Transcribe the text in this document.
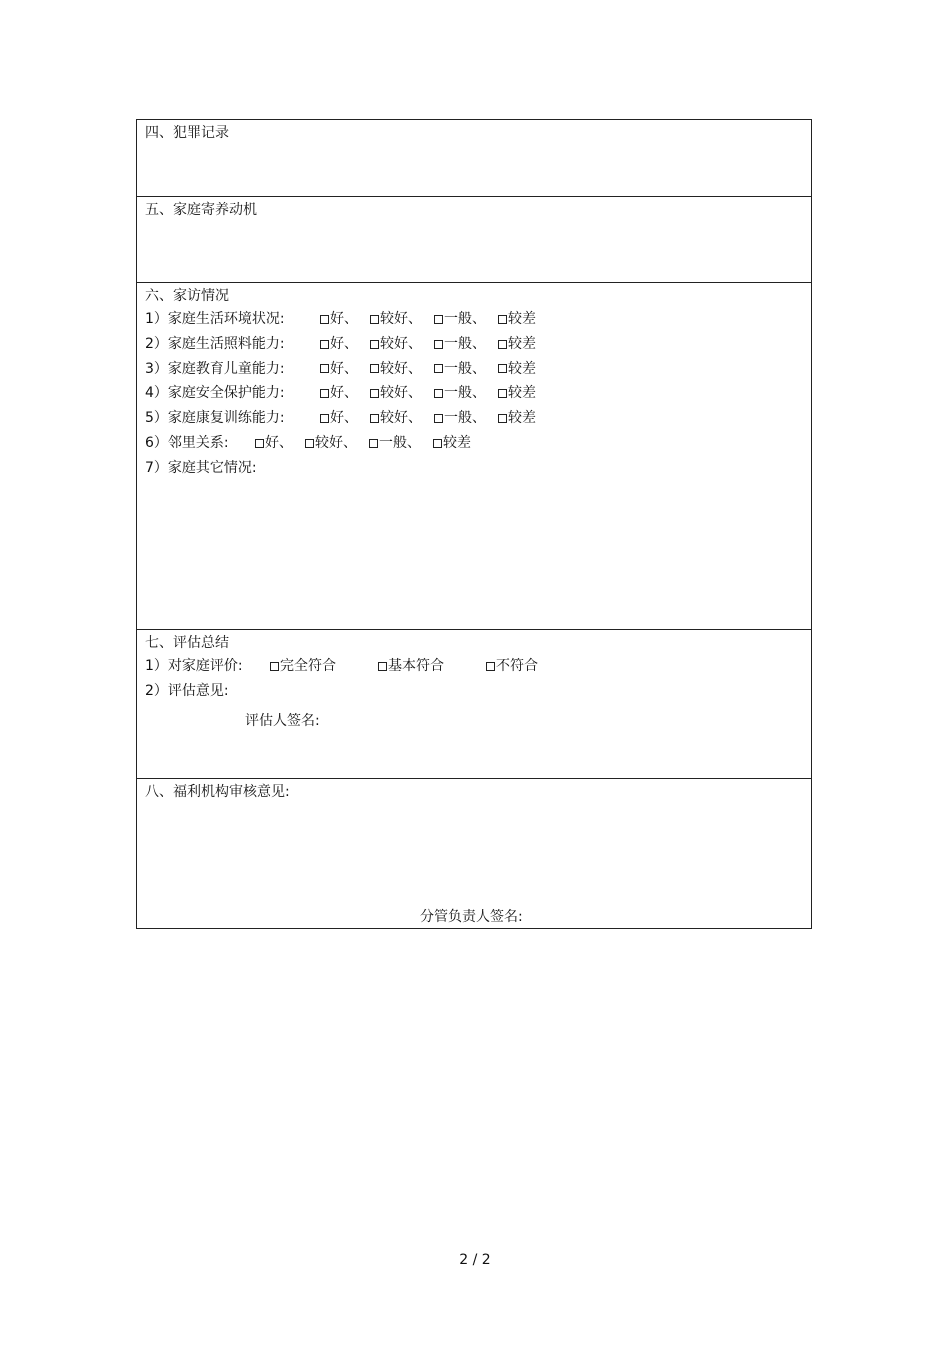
四、犯罪记录
五、家庭寄养动机
六、家访情况
1）家庭生活环境状况:	好 、 较好 、 一般 、 较差
2）家庭生活照料能力:	好 、 较好 、 一般 、 较差
3）家庭教育儿童能力:	好 、 较好 、 一般 、 较差
4）家庭安全保护能力:	好 、 较好 、 一般 、 较差
5）家庭康复训练能力:	好 、 较好 、 一般 、 较差
6）邻里关系:	好 、 较好 、 一般 、 较差
7）家庭其它情况:
七、评估总结
1）对家庭评价:	完全符合	基本符合	不符合
2）评估意见:
评估人签名:
八、福利机构审核意见:
分管负责人签名:
2 / 2
